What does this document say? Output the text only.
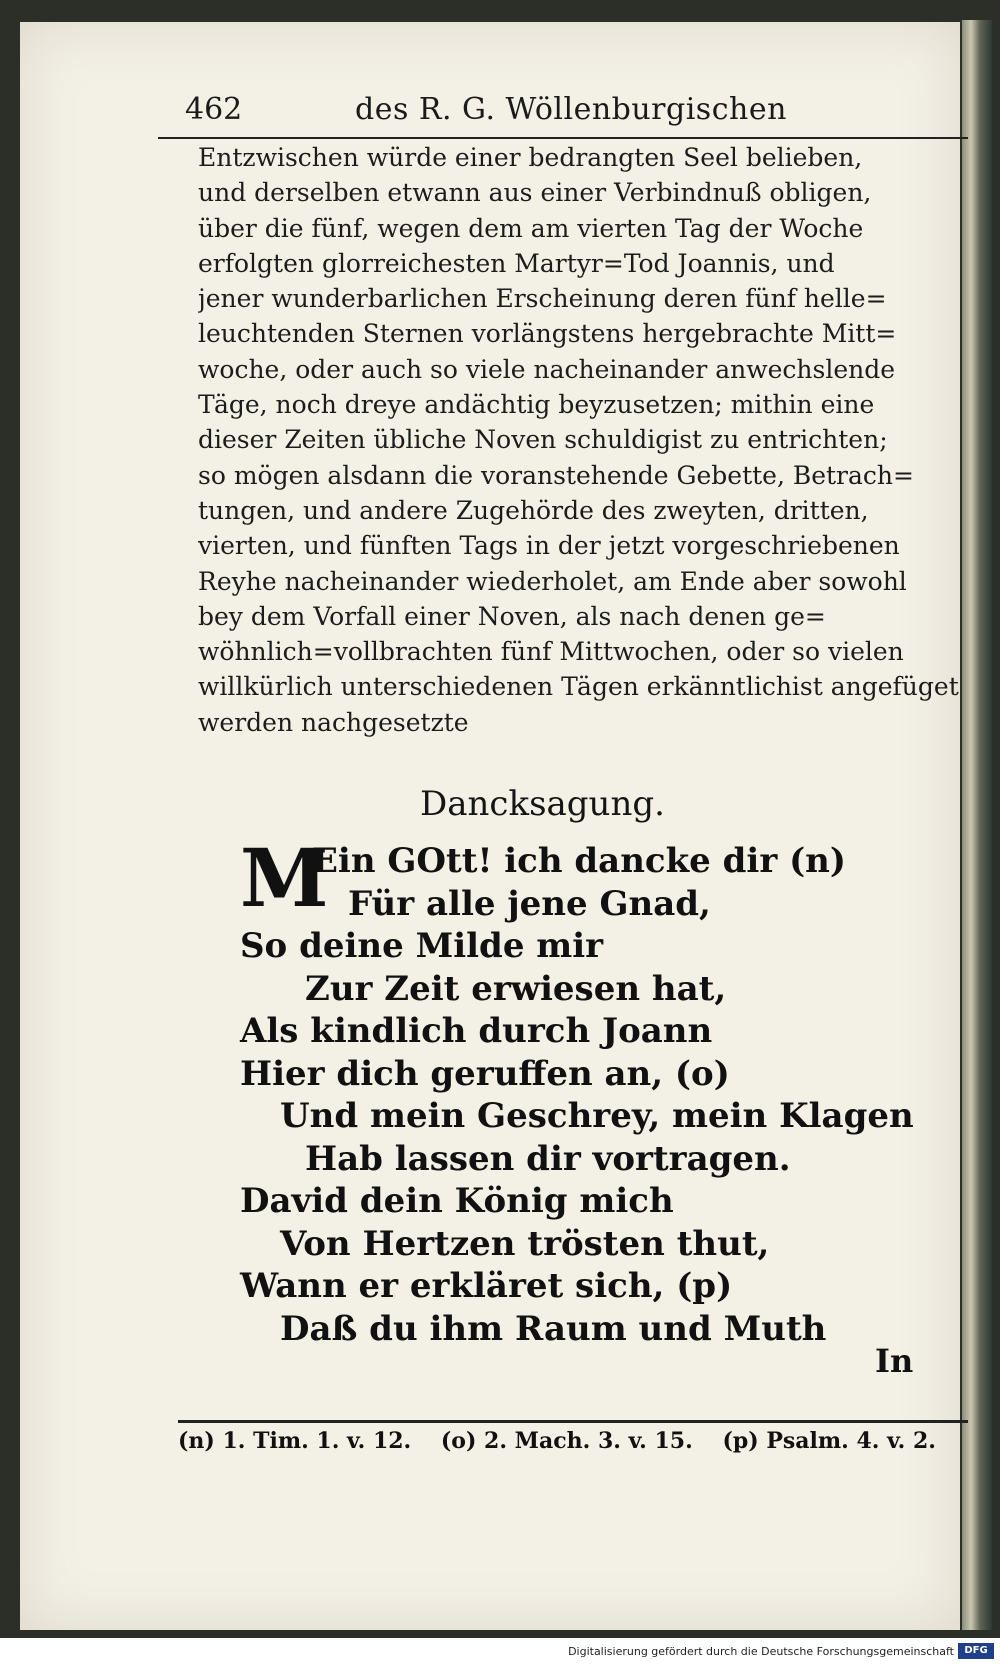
462	des R. G. Wöllenburgischen
Entzwischen würde einer bedrangten Seel belieben,
und derselben etwann aus einer Verbindnuß obligen,
über die fünf, wegen dem am vierten Tag der Woche
erfolgten glorreichesten Martyr=Tod Joannis, und
jener wunderbarlichen Erscheinung deren fünf helle=
leuchtenden Sternen vorlängstens hergebrachte Mitt=
woche, oder auch so viele nacheinander anwechslende
Täge, noch dreye andächtig beyzusetzen; mithin eine
dieser Zeiten übliche Noven schuldigist zu entrichten;
so mögen alsdann die voranstehende Gebette, Betrach=
tungen, und andere Zugehörde des zweyten, dritten,
vierten, und fünften Tags in der jetzt vorgeschriebenen
Reyhe nacheinander wiederholet, am Ende aber sowohl
bey dem Vorfall einer Noven, als nach denen ge=
wöhnlich=vollbrachten fünf Mittwochen, oder so vielen
willkürlich unterschiedenen Tägen erkänntlichist angefüget
werden nachgesetzte
Dancksagung.
M
Ein GOtt! ich dancke dir (n)
Für alle jene Gnad,
So deine Milde mir
Zur Zeit erwiesen hat,
Als kindlich durch Joann
Hier dich geruffen an, (o)
Und mein Geschrey, mein Klagen
Hab lassen dir vortragen.
David dein König mich
Von Hertzen trösten thut,
Wann er erkläret sich, (p)
Daß du ihm Raum und Muth
In
(n) 1. Tim. 1. v. 12. (o) 2. Mach. 3. v. 15. (p) Psalm. 4. v. 2.
Digitalisierung gefördert durch die Deutsche Forschungsgemeinschaft	DFG
